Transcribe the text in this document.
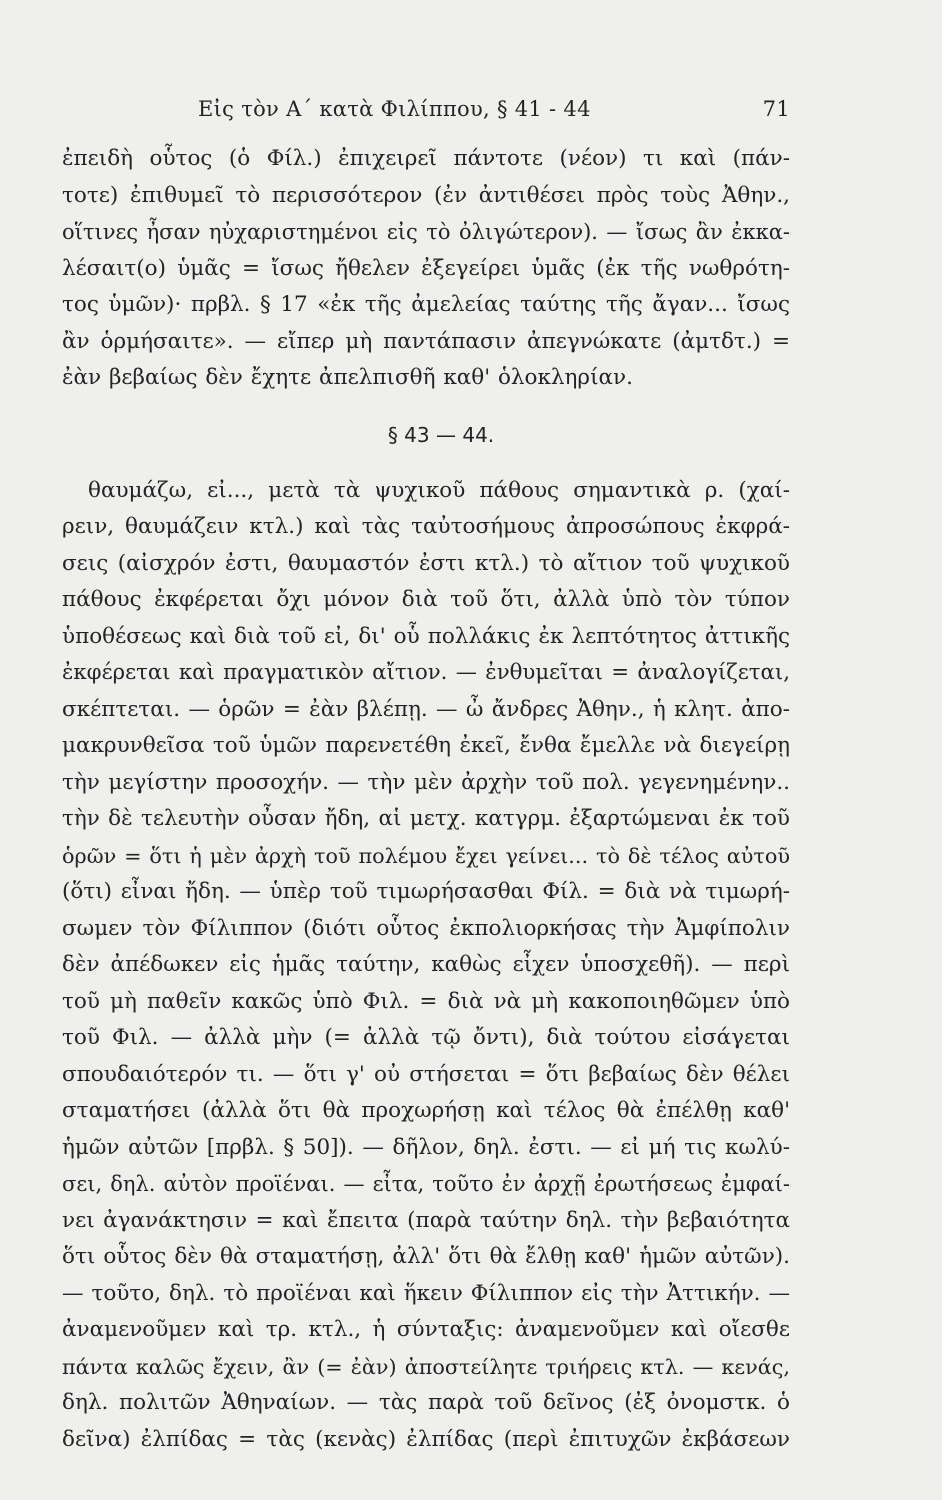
Εἰς τὸν Α΄ κατὰ Φιλίππου, § 41 - 44	71
ἐπειδὴ οὗτος (ὁ Φίλ.) ἐπιχειρεῖ πάντοτε (νέον) τι καὶ (πάν-
τοτε) ἐπιθυμεῖ τὸ περισσότερον (ἐν ἀντιθέσει πρὸς τοὺς Ἀθην.,
οἵτινες ἦσαν ηὐχαριστημένοι εἰς τὸ ὀλιγώτερον). — ἴσως ἂν ἐκκα-
λέσαιτ(ο) ὑμᾶς = ἴσως ἤθελεν ἐξεγείρει ὑμᾶς (ἐκ τῆς νωθρότη-
τος ὑμῶν)· πρβλ. § 17 «ἐκ τῆς ἀμελείας ταύτης τῆς ἄγαν... ἴσως
ἂν ὁρμήσαιτε». — εἴπερ μὴ παντάπασιν ἀπεγνώκατε (ἀμτδτ.) =
ἐὰν βεβαίως δὲν ἔχητε ἀπελπισθῆ καθ' ὁλοκληρίαν.
§ 43 — 44.
θαυμάζω, εἰ..., μετὰ τὰ ψυχικοῦ πάθους σημαντικὰ ρ. (χαί-
ρειν, θαυμάζειν κτλ.) καὶ τὰς ταὐτοσήμους ἀπροσώπους ἐκφρά-
σεις (αἰσχρόν ἐστι, θαυμαστόν ἐστι κτλ.) τὸ αἴτιον τοῦ ψυχικοῦ
πάθους ἐκφέρεται ὄχι μόνον διὰ τοῦ ὅτι, ἀλλὰ ὑπὸ τὸν τύπον
ὑποθέσεως καὶ διὰ τοῦ εἰ, δι' οὗ πολλάκις ἐκ λεπτότητος ἀττικῆς
ἐκφέρεται καὶ πραγματικὸν αἴτιον. — ἐνθυμεῖται = ἀναλογίζεται,
σκέπτεται. — ὁρῶν = ἐὰν βλέπῃ. — ὦ ἄνδρες Ἀθην., ἡ κλητ. ἀπο-
μακρυνθεῖσα τοῦ ὑμῶν παρενετέθη ἐκεῖ, ἔνθα ἔμελλε νὰ διεγείρῃ
τὴν μεγίστην προσοχήν. — τὴν μὲν ἀρχὴν τοῦ πολ. γεγενημένην..
τὴν δὲ τελευτὴν οὖσαν ἤδη, αἱ μετχ. κατγρμ. ἐξαρτώμεναι ἐκ τοῦ
ὁρῶν = ὅτι ἡ μὲν ἀρχὴ τοῦ πολέμου ἔχει γείνει... τὸ δὲ τέλος αὐτοῦ
(ὅτι) εἶναι ἤδη. — ὑπὲρ τοῦ τιμωρήσασθαι Φίλ. = διὰ νὰ τιμωρή-
σωμεν τὸν Φίλιππον (διότι οὗτος ἐκπολιορκήσας τὴν Ἀμφίπολιν
δὲν ἀπέδωκεν εἰς ἡμᾶς ταύτην, καθὼς εἶχεν ὑποσχεθῆ). — περὶ
τοῦ μὴ παθεῖν κακῶς ὑπὸ Φιλ. = διὰ νὰ μὴ κακοποιηθῶμεν ὑπὸ
τοῦ Φιλ. — ἀλλὰ μὴν (= ἀλλὰ τῷ ὄντι), διὰ τούτου εἰσάγεται
σπουδαιότερόν τι. — ὅτι γ' οὐ στήσεται = ὅτι βεβαίως δὲν θέλει
σταματήσει (ἀλλὰ ὅτι θὰ προχωρήσῃ καὶ τέλος θὰ ἐπέλθῃ καθ'
ἡμῶν αὐτῶν [πρβλ. § 50]). — δῆλον, δηλ. ἐστι. — εἰ μή τις κωλύ-
σει, δηλ. αὐτὸν προϊέναι. — εἶτα, τοῦτο ἐν ἀρχῇ ἐρωτήσεως ἐμφαί-
νει ἀγανάκτησιν = καὶ ἔπειτα (παρὰ ταύτην δηλ. τὴν βεβαιότητα
ὅτι οὗτος δὲν θὰ σταματήσῃ, ἀλλ' ὅτι θὰ ἔλθῃ καθ' ἡμῶν αὐτῶν).
— τοῦτο, δηλ. τὸ προϊέναι καὶ ἥκειν Φίλιππον εἰς τὴν Ἀττικήν. —
ἀναμενοῦμεν καὶ τρ. κτλ., ἡ σύνταξις: ἀναμενοῦμεν καὶ οἴεσθε
πάντα καλῶς ἔχειν, ἂν (= ἐὰν) ἀποστείλητε τριήρεις κτλ. — κενάς,
δηλ. πολιτῶν Ἀθηναίων. — τὰς παρὰ τοῦ δεῖνος (ἐξ ὀνομστκ. ὁ
δεῖνα) ἐλπίδας = τὰς (κενὰς) ἐλπίδας (περὶ ἐπιτυχῶν ἐκβάσεων
